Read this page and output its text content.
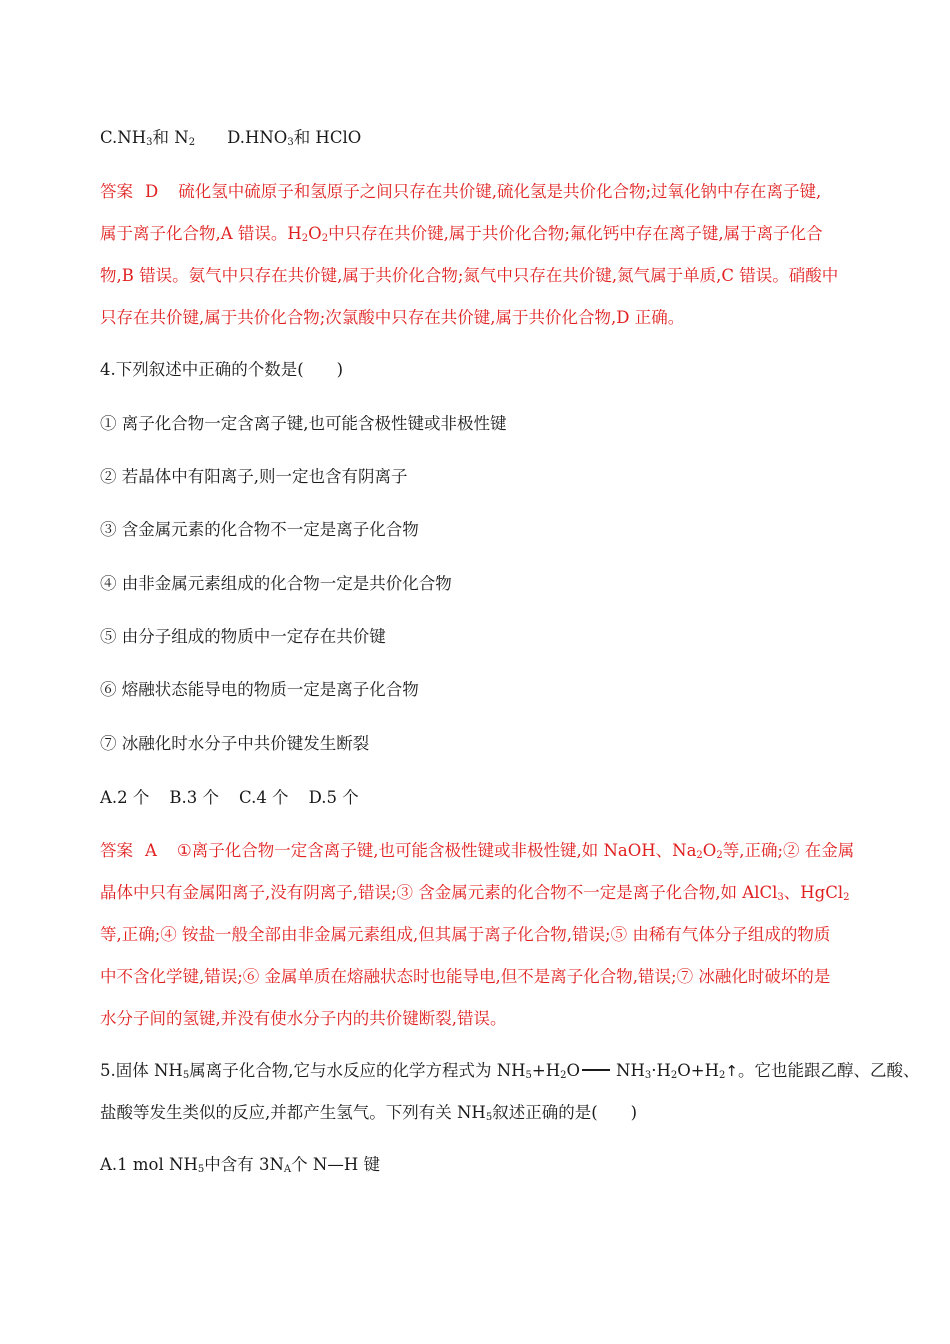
$C.NH_3$和 $N_2$ $D.HNO_3$和 HClO
答案 D 硫化氢中硫原子和氢原子之间只存在共价键,硫化氢是共价化合物;过氧化钠中存在离子键,
属于离子化合物,A 错误。$H_2O_2$中只存在共价键,属于共价化合物;氟化钙中存在离子键,属于离子化合
物,B 错误。氨气中只存在共价键,属于共价化合物;氮气中只存在共价键,氮气属于单质,C 错误。硝酸中
只存在共价键,属于共价化合物;次氯酸中只存在共价键,属于共价化合物,D 正确。
4.下列叙述中正确的个数是(　　)
① 离子化合物一定含离子键,也可能含极性键或非极性键
② 若晶体中有阳离子,则一定也含有阴离子
③ 含金属元素的化合物不一定是离子化合物
④ 由非金属元素组成的化合物一定是共价化合物
⑤ 由分子组成的物质中一定存在共价键
⑥ 熔融状态能导电的物质一定是离子化合物
⑦ 冰融化时水分子中共价键发生断裂
A.2 个 B.3 个 C.4 个 D.5 个
答案 A ①离子化合物一定含离子键,也可能含极性键或非极性键,如 NaOH、$Na_2O_2$等,正确;② 在金属
晶体中只有金属阳离子,没有阴离子,错误;③ 含金属元素的化合物不一定是离子化合物,如 AlCl$_3$、HgCl$_2$
等,正确;④ 铵盐一般全部由非金属元素组成,但其属于离子化合物,错误;⑤ 由稀有气体分子组成的物质
中不含化学键,错误;⑥ 金属单质在熔融状态时也能导电,但不是离子化合物,错误;⑦ 冰融化时破坏的是
水分子间的氢键,并没有使水分子内的共价键断裂,错误。
5.固体 $NH_5$属离子化合物,它与水反应的化学方程式为 $NH_5+H_2O$ $NH_3\cdot H_2O+H_2↑$。它也能跟乙醇、乙酸、
盐酸等发生类似的反应,并都产生氢气。下列有关 $NH_5$叙述正确的是(　　)
A.1 mol $NH_5$中含有 $3N_A$个 N—H 键
